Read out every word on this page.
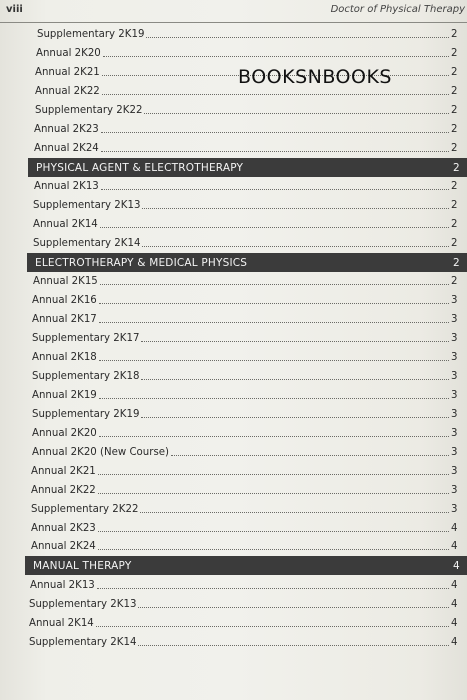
viii	Doctor of Physical Therapy
Supplementary 2K19	2
Annual 2K20	2
Annual 2K21	2
Annual 2K22	2
Supplementary 2K22	2
Annual 2K23	2
Annual 2K24	2
PHYSICAL AGENT & ELECTROTHERAPY	2
Annual 2K13	2
Supplementary 2K13	2
Annual 2K14	2
Supplementary 2K14	2
ELECTROTHERAPY & MEDICAL PHYSICS	2
Annual 2K15	2
Annual 2K16	3
Annual 2K17	3
Supplementary 2K17	3
Annual 2K18	3
Supplementary 2K18	3
Annual 2K19	3
Supplementary 2K19	3
Annual 2K20	3
Annual 2K20 (New Course)	3
Annual 2K21	3
Annual 2K22	3
Supplementary 2K22	3
Annual 2K23	4
Annual 2K24	4
MANUAL THERAPY	4
Annual 2K13	4
Supplementary 2K13	4
Annual 2K14	4
Supplementary 2K14	4
BOOKSNBOOKS
